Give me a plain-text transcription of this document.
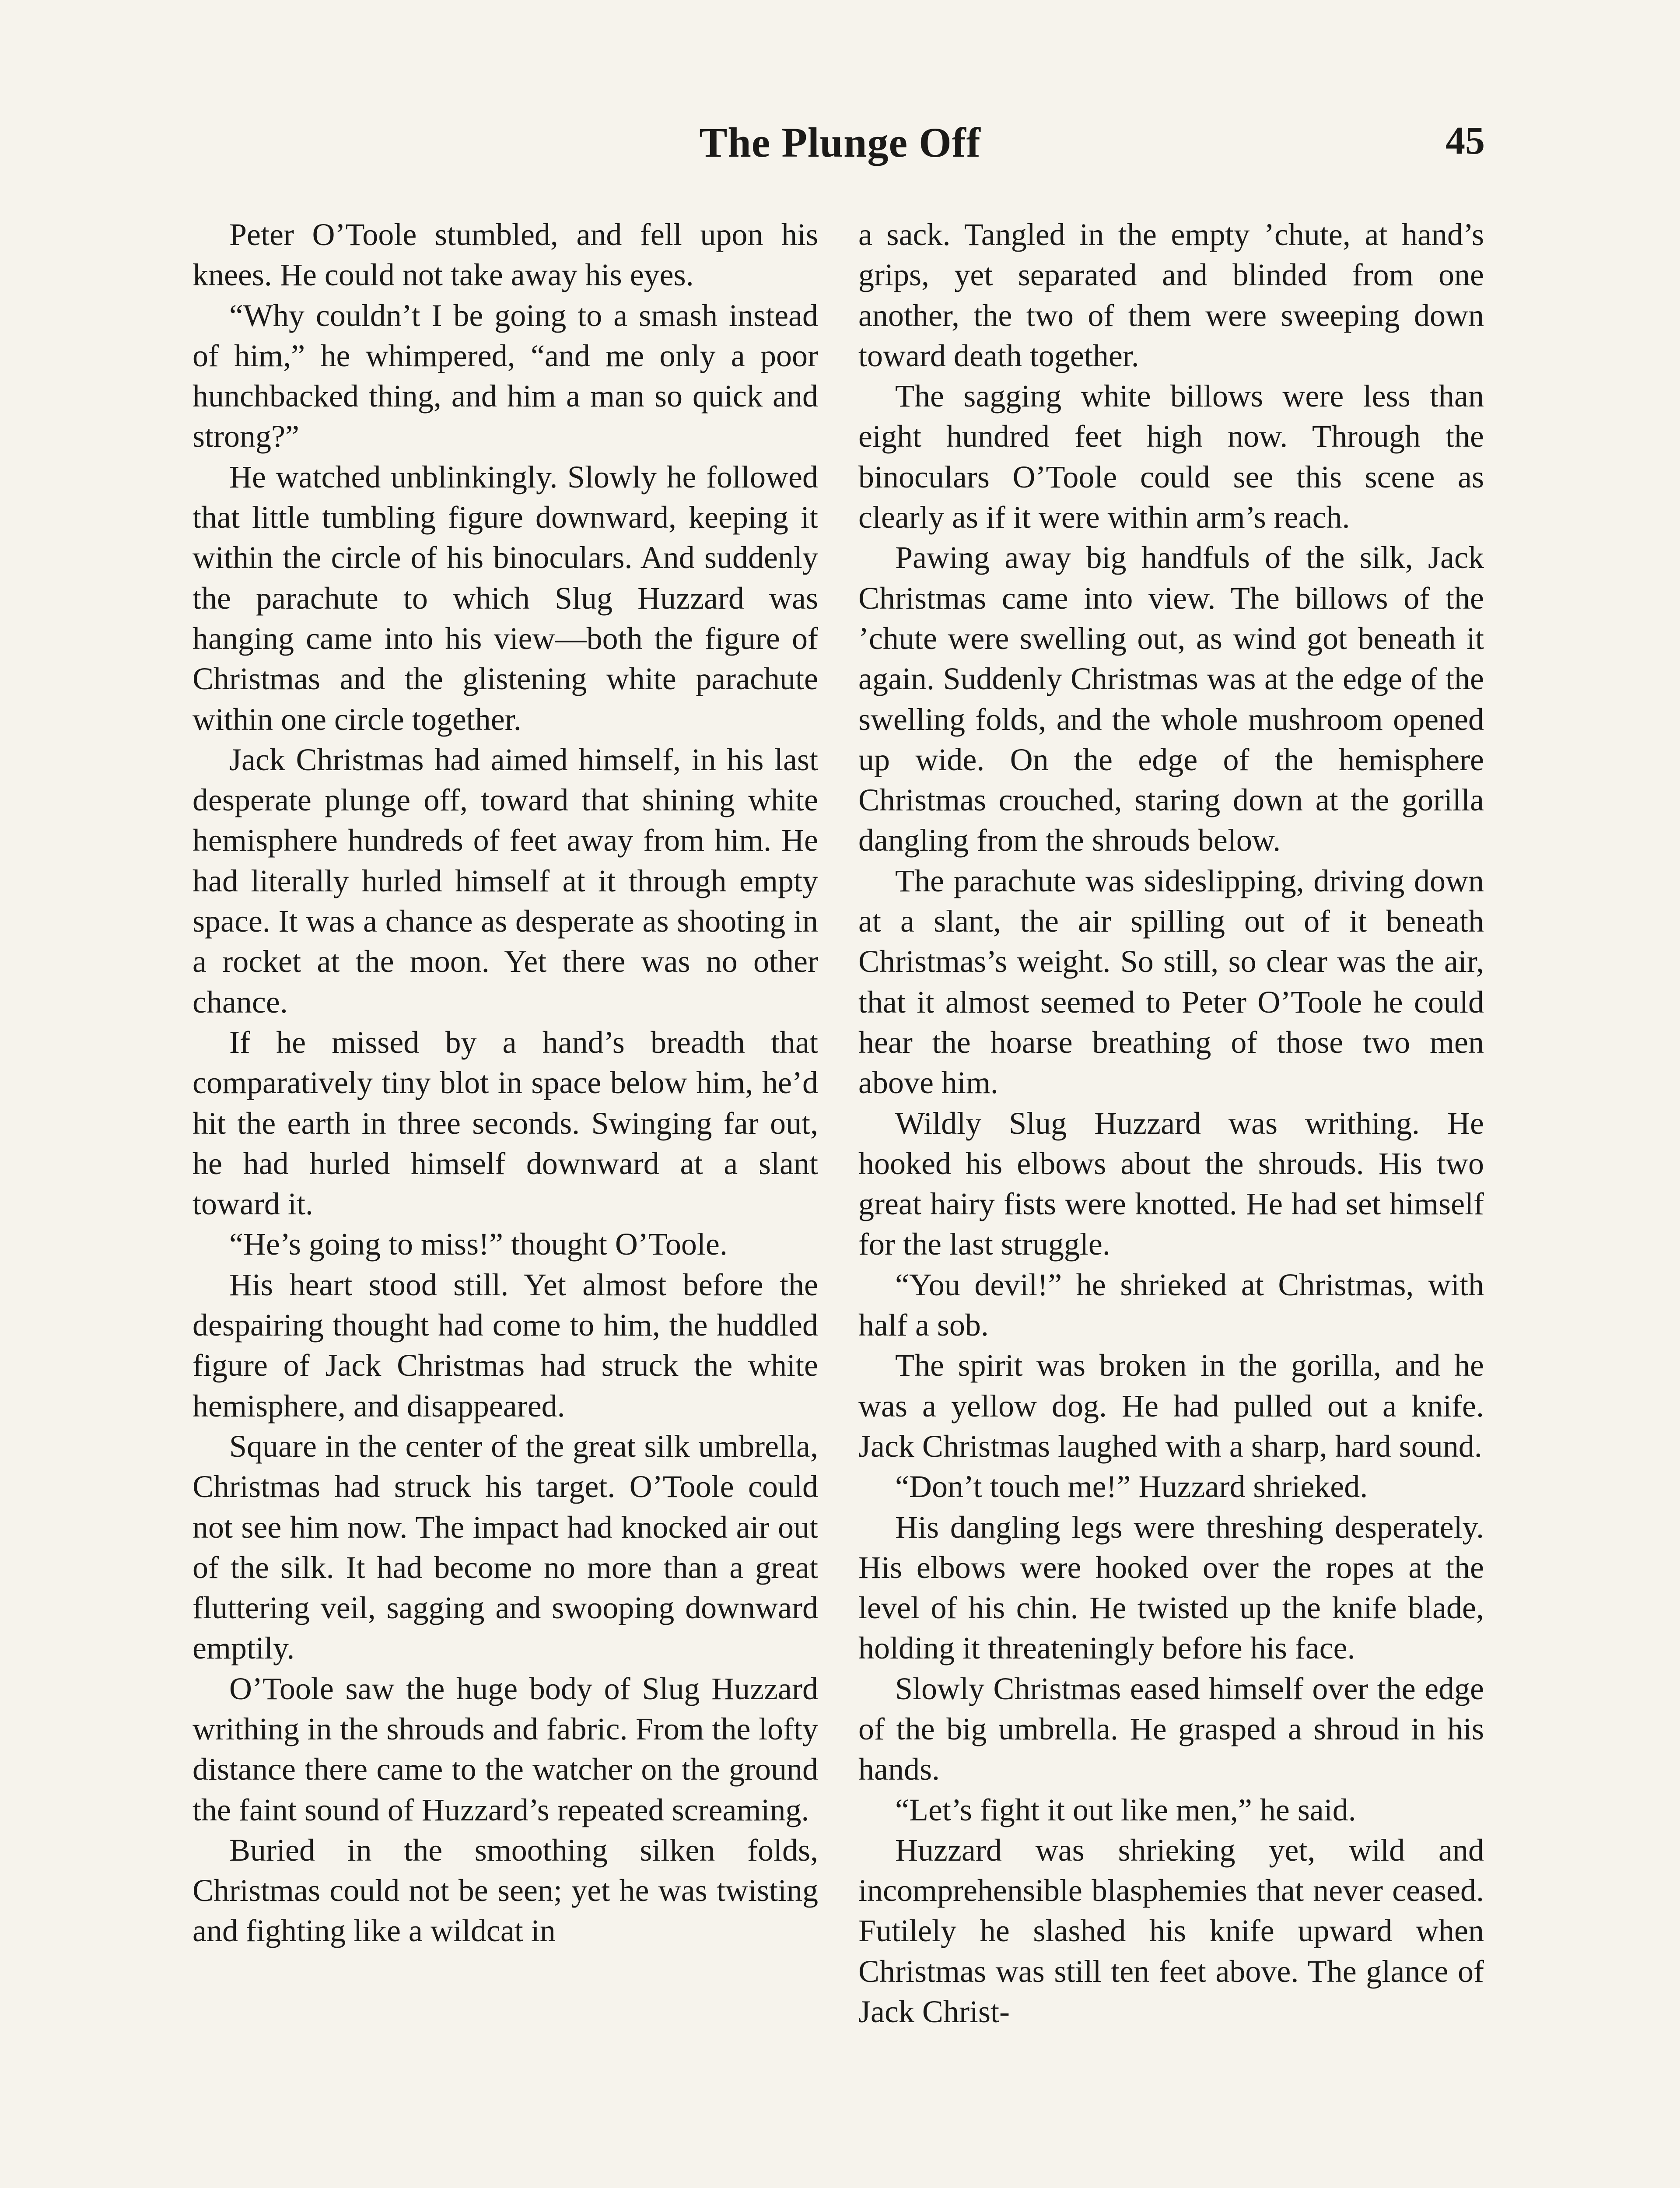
The Plunge Off	45

Peter O’Toole stumbled, and fell upon his knees. He could not take away his eyes.

“Why couldn’t I be going to a smash instead of him,” he whimpered, “and me only a poor hunchbacked thing, and him a man so quick and strong?”

He watched unblinkingly. Slowly he followed that little tumbling figure downward, keeping it within the circle of his binoculars. And suddenly the parachute to which Slug Huzzard was hanging came into his view—both the figure of Christmas and the glistening white parachute within one circle together.

Jack Christmas had aimed himself, in his last desperate plunge off, toward that shining white hemisphere hundreds of feet away from him. He had literally hurled himself at it through empty space. It was a chance as desperate as shooting in a rocket at the moon. Yet there was no other chance.

If he missed by a hand’s breadth that comparatively tiny blot in space below him, he’d hit the earth in three seconds. Swinging far out, he had hurled himself downward at a slant toward it.

“He’s going to miss!” thought O’Toole.

His heart stood still. Yet almost before the despairing thought had come to him, the huddled figure of Jack Christmas had struck the white hemisphere, and disappeared.

Square in the center of the great silk umbrella, Christmas had struck his target. O’Toole could not see him now. The impact had knocked air out of the silk. It had become no more than a great fluttering veil, sagging and swooping downward emptily.

O’Toole saw the huge body of Slug Huzzard writhing in the shrouds and fabric. From the lofty distance there came to the watcher on the ground the faint sound of Huzzard’s repeated screaming.

Buried in the smoothing silken folds, Christmas could not be seen; yet he was twisting and fighting like a wildcat in

a sack. Tangled in the empty ’chute, at hand’s grips, yet separated and blinded from one another, the two of them were sweeping down toward death together.

The sagging white billows were less than eight hundred feet high now. Through the binoculars O’Toole could see this scene as clearly as if it were within arm’s reach.

Pawing away big handfuls of the silk, Jack Christmas came into view. The billows of the ’chute were swelling out, as wind got beneath it again. Suddenly Christmas was at the edge of the swelling folds, and the whole mushroom opened up wide. On the edge of the hemisphere Christmas crouched, staring down at the gorilla dangling from the shrouds below.

The parachute was sideslipping, driving down at a slant, the air spilling out of it beneath Christmas’s weight. So still, so clear was the air, that it almost seemed to Peter O’Toole he could hear the hoarse breathing of those two men above him.

Wildly Slug Huzzard was writhing. He hooked his elbows about the shrouds. His two great hairy fists were knotted. He had set himself for the last struggle.

“You devil!” he shrieked at Christmas, with half a sob.

The spirit was broken in the gorilla, and he was a yellow dog. He had pulled out a knife. Jack Christmas laughed with a sharp, hard sound.

“Don’t touch me!” Huzzard shrieked.

His dangling legs were threshing desperately. His elbows were hooked over the ropes at the level of his chin. He twisted up the knife blade, holding it threateningly before his face.

Slowly Christmas eased himself over the edge of the big umbrella. He grasped a shroud in his hands.

“Let’s fight it out like men,” he said.

Huzzard was shrieking yet, wild and incomprehensible blasphemies that never ceased. Futilely he slashed his knife upward when Christmas was still ten feet above. The glance of Jack Christ-
